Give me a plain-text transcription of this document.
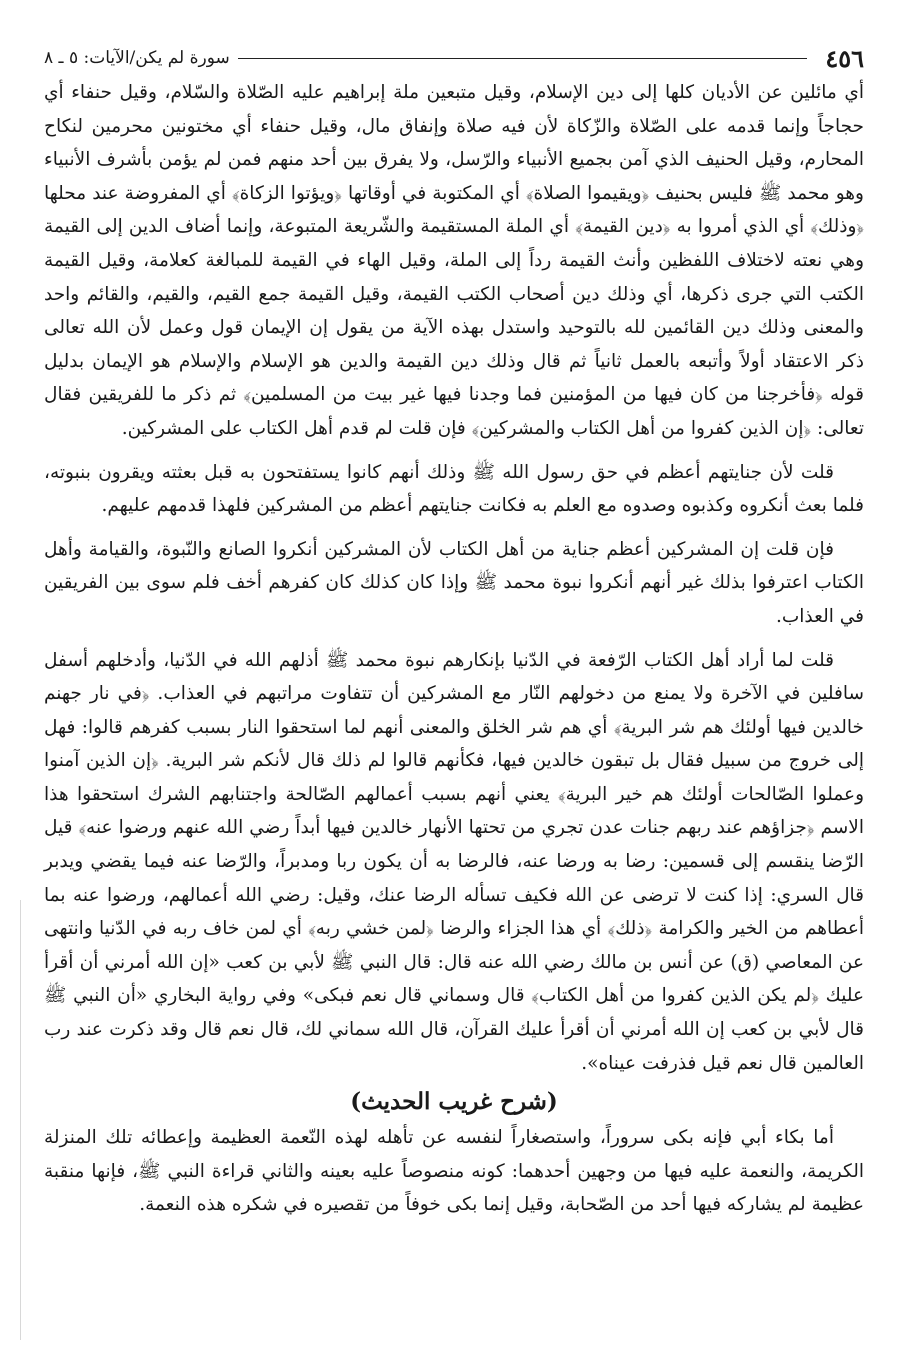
٤٥٦
سورة لم يكن/الآيات: ٥ ـ ٨

أي مائلين عن الأديان كلها إلى دين الإسلام، وقيل متبعين ملة إبراهيم عليه الصّلاة والسّلام، وقيل حنفاء أي حجاجاً وإنما قدمه على الصّلاة والزّكاة لأن فيه صلاة وإنفاق مال، وقيل حنفاء أي مختونين محرمين لنكاح المحارم، وقيل الحنيف الذي آمن بجميع الأنبياء والرّسل، ولا يفرق بين أحد منهم فمن لم يؤمن بأشرف الأنبياء وهو محمد ﷺ فليس بحنيف ﴿ويقيموا الصلاة﴾ أي المكتوبة في أوقاتها ﴿ويؤتوا الزكاة﴾ أي المفروضة عند محلها ﴿وذلك﴾ أي الذي أمروا به ﴿دين القيمة﴾ أي الملة المستقيمة والشّريعة المتبوعة، وإنما أضاف الدين إلى القيمة وهي نعته لاختلاف اللفظين وأنث القيمة رداً إلى الملة، وقيل الهاء في القيمة للمبالغة كعلامة، وقيل القيمة الكتب التي جرى ذكرها، أي وذلك دين أصحاب الكتب القيمة، وقيل القيمة جمع القيم، والقيم، والقائم واحد والمعنى وذلك دين القائمين لله بالتوحيد واستدل بهذه الآية من يقول إن الإيمان قول وعمل لأن الله تعالى ذكر الاعتقاد أولاً وأتبعه بالعمل ثانياً ثم قال وذلك دين القيمة والدين هو الإسلام والإسلام هو الإيمان بدليل قوله ﴿فأخرجنا من كان فيها من المؤمنين فما وجدنا فيها غير بيت من المسلمين﴾ ثم ذكر ما للفريقين فقال تعالى: ﴿إن الذين كفروا من أهل الكتاب والمشركين﴾ فإن قلت لم قدم أهل الكتاب على المشركين.

قلت لأن جنايتهم أعظم في حق رسول الله ﷺ وذلك أنهم كانوا يستفتحون به قبل بعثته ويقرون بنبوته، فلما بعث أنكروه وكذبوه وصدوه مع العلم به فكانت جنايتهم أعظم من المشركين فلهذا قدمهم عليهم.

فإن قلت إن المشركين أعظم جناية من أهل الكتاب لأن المشركين أنكروا الصانع والنّبوة، والقيامة وأهل الكتاب اعترفوا بذلك غير أنهم أنكروا نبوة محمد ﷺ وإذا كان كذلك كان كفرهم أخف فلم سوى بين الفريقين في العذاب.

قلت لما أراد أهل الكتاب الرّفعة في الدّنيا بإنكارهم نبوة محمد ﷺ أذلهم الله في الدّنيا، وأدخلهم أسفل سافلين في الآخرة ولا يمنع من دخولهم النّار مع المشركين أن تتفاوت مراتبهم في العذاب. ﴿في نار جهنم خالدين فيها أولئك هم شر البرية﴾ أي هم شر الخلق والمعنى أنهم لما استحقوا النار بسبب كفرهم قالوا: فهل إلى خروج من سبيل فقال بل تبقون خالدين فيها، فكأنهم قالوا لم ذلك قال لأنكم شر البرية. ﴿إن الذين آمنوا وعملوا الصّالحات أولئك هم خير البرية﴾ يعني أنهم بسبب أعمالهم الصّالحة واجتنابهم الشرك استحقوا هذا الاسم ﴿جزاؤهم عند ربهم جنات عدن تجري من تحتها الأنهار خالدين فيها أبداً رضي الله عنهم ورضوا عنه﴾ قيل الرّضا ينقسم إلى قسمين: رضا به ورضا عنه، فالرضا به أن يكون ربا ومدبراً، والرّضا عنه فيما يقضي ويدبر قال السري: إذا كنت لا ترضى عن الله فكيف تسأله الرضا عنك، وقيل: رضي الله أعمالهم، ورضوا عنه بما أعطاهم من الخير والكرامة ﴿ذلك﴾ أي هذا الجزاء والرضا ﴿لمن خشي ربه﴾ أي لمن خاف ربه في الدّنيا وانتهى عن المعاصي (ق) عن أنس بن مالك رضي الله عنه قال: قال النبي ﷺ لأبي بن كعب «إن الله أمرني أن أقرأ عليك ﴿لم يكن الذين كفروا من أهل الكتاب﴾ قال وسماني قال نعم فبكى» وفي رواية البخاري «أن النبي ﷺ قال لأبي بن كعب إن الله أمرني أن أقرأ عليك القرآن، قال الله سماني لك، قال نعم قال وقد ذكرت عند رب العالمين قال نعم قيل فذرفت عيناه».

(شرح غريب الحديث)

أما بكاء أبي فإنه بكى سروراً، واستصغاراً لنفسه عن تأهله لهذه النّعمة العظيمة وإعطائه تلك المنزلة الكريمة، والنعمة عليه فيها من وجهين أحدهما: كونه منصوصاً عليه بعينه والثاني قراءة النبي ﷺ، فإنها منقبة عظيمة لم يشاركه فيها أحد من الصّحابة، وقيل إنما بكى خوفاً من تقصيره في شكره هذه النعمة.
